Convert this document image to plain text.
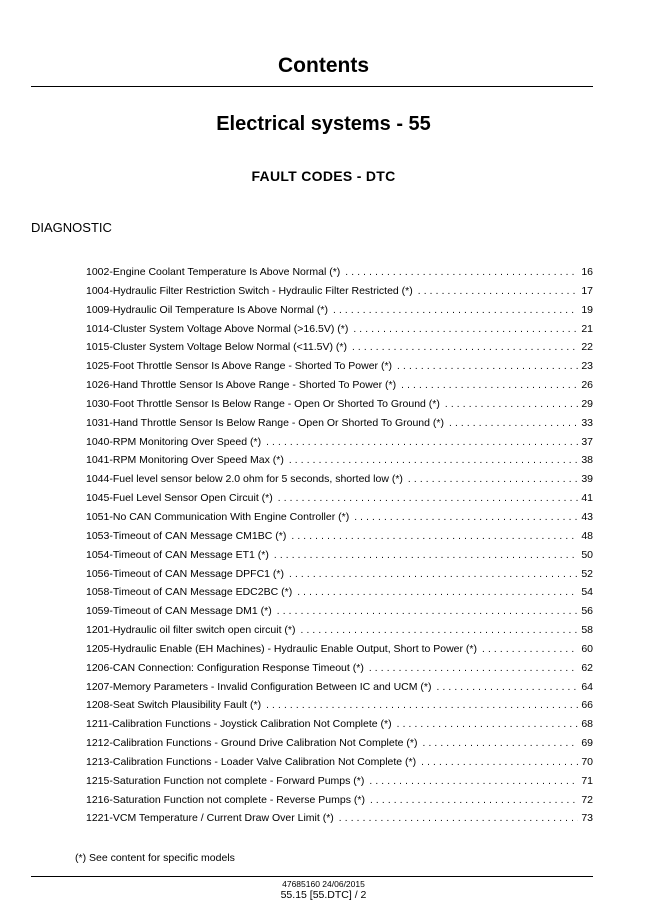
Contents
Electrical systems - 55
FAULT CODES - DTC
DIAGNOSTIC
1002-Engine Coolant Temperature Is Above Normal (*) . . .	16
1004-Hydraulic Filter Restriction Switch - Hydraulic Filter Restricted (*) . . .	17
1009-Hydraulic Oil Temperature Is Above Normal (*) . . .	19
1014-Cluster System Voltage Above Normal (>16.5V) (*) . . .	21
1015-Cluster System Voltage Below Normal (<11.5V) (*) . . .	22
1025-Foot Throttle Sensor Is Above Range - Shorted To Power (*) . . .	23
1026-Hand Throttle Sensor Is Above Range - Shorted To Power (*) . . .	26
1030-Foot Throttle Sensor Is Below Range - Open Or Shorted To Ground (*) . . .	29
1031-Hand Throttle Sensor Is Below Range - Open Or Shorted To Ground (*) . . .	33
1040-RPM Monitoring Over Speed (*) . . .	37
1041-RPM Monitoring Over Speed Max (*) . . .	38
1044-Fuel level sensor below 2.0 ohm for 5 seconds, shorted low (*) . . .	39
1045-Fuel Level Sensor Open Circuit (*) . . .	41
1051-No CAN Communication With Engine Controller (*) . . .	43
1053-Timeout of CAN Message CM1BC (*) . . .	48
1054-Timeout of CAN Message ET1 (*) . . .	50
1056-Timeout of CAN Message DPFC1 (*) . . .	52
1058-Timeout of CAN Message EDC2BC (*) . . .	54
1059-Timeout of CAN Message DM1 (*) . . .	56
1201-Hydraulic oil filter switch open circuit (*) . . .	58
1205-Hydraulic Enable (EH Machines) - Hydraulic Enable Output, Short to Power (*) . . .	60
1206-CAN Connection: Configuration Response Timeout (*) . . .	62
1207-Memory Parameters - Invalid Configuration Between IC and UCM (*) . . .	64
1208-Seat Switch Plausibility Fault (*) . . .	66
1211-Calibration Functions - Joystick Calibration Not Complete (*) . . .	68
1212-Calibration Functions - Ground Drive Calibration Not Complete (*) . . .	69
1213-Calibration Functions - Loader Valve Calibration Not Complete (*) . . .	70
1215-Saturation Function not complete - Forward Pumps (*) . . .	71
1216-Saturation Function not complete - Reverse Pumps (*) . . .	72
1221-VCM Temperature / Current Draw Over Limit (*) . . .	73
(*) See content for specific models
47685160 24/06/2015
55.15 [55.DTC] / 2
